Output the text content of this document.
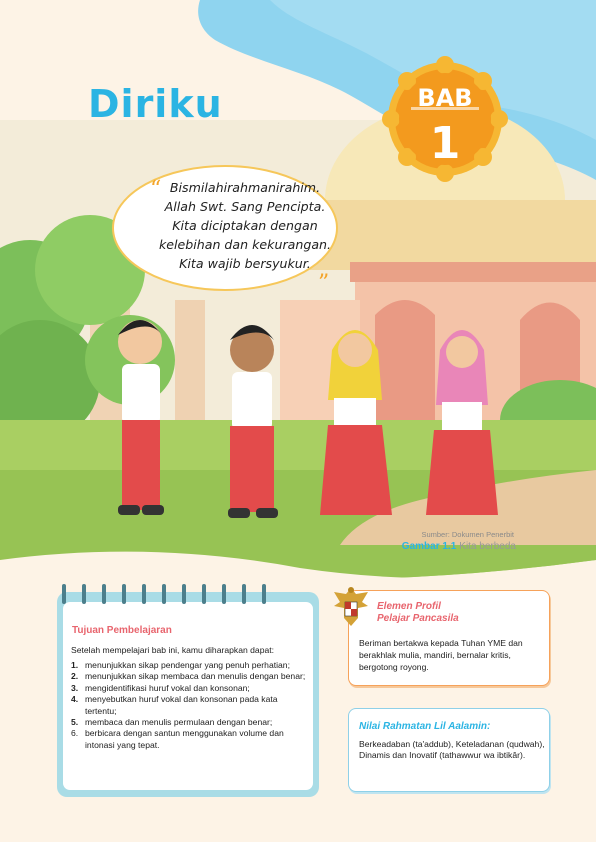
“
”
Diriku	BAB
1
Bismilahirahmanirahim.
Allah Swt. Sang Pencipta.
Kita diciptakan dengan
kelebihan dan kekurangan.
Kita wajib bersyukur.
Sumber: Dokumen Penerbit
Gambar 1.1 Kita berbeda
Tujuan Pembelajaran
Setelah mempelajari bab ini, kamu diharapkan dapat:
1. menunjukkan sikap pendengar yang penuh perhatian;
2. menunjukkan sikap membaca dan menulis dengan benar;
3. mengidentifikasi huruf vokal dan konsonan;
4. menyebutkan huruf vokal dan konsonan pada kata tertentu;
5. membaca dan menulis permulaan dengan benar;
6. berbicara dengan santun menggunakan volume dan intonasi yang tepat.
Elemen Profil
Pelajar Pancasila

Beriman bertakwa kepada Tuhan YME dan berakhlak mulia, mandiri, bernalar kritis, bergotong royong.

Nilai Rahmatan Lil Aalamin:

Berkeadaban (ta'addub), Keteladanan (qudwah), Dinamis dan Inovatif (tathawwur wa ibtikâr).
